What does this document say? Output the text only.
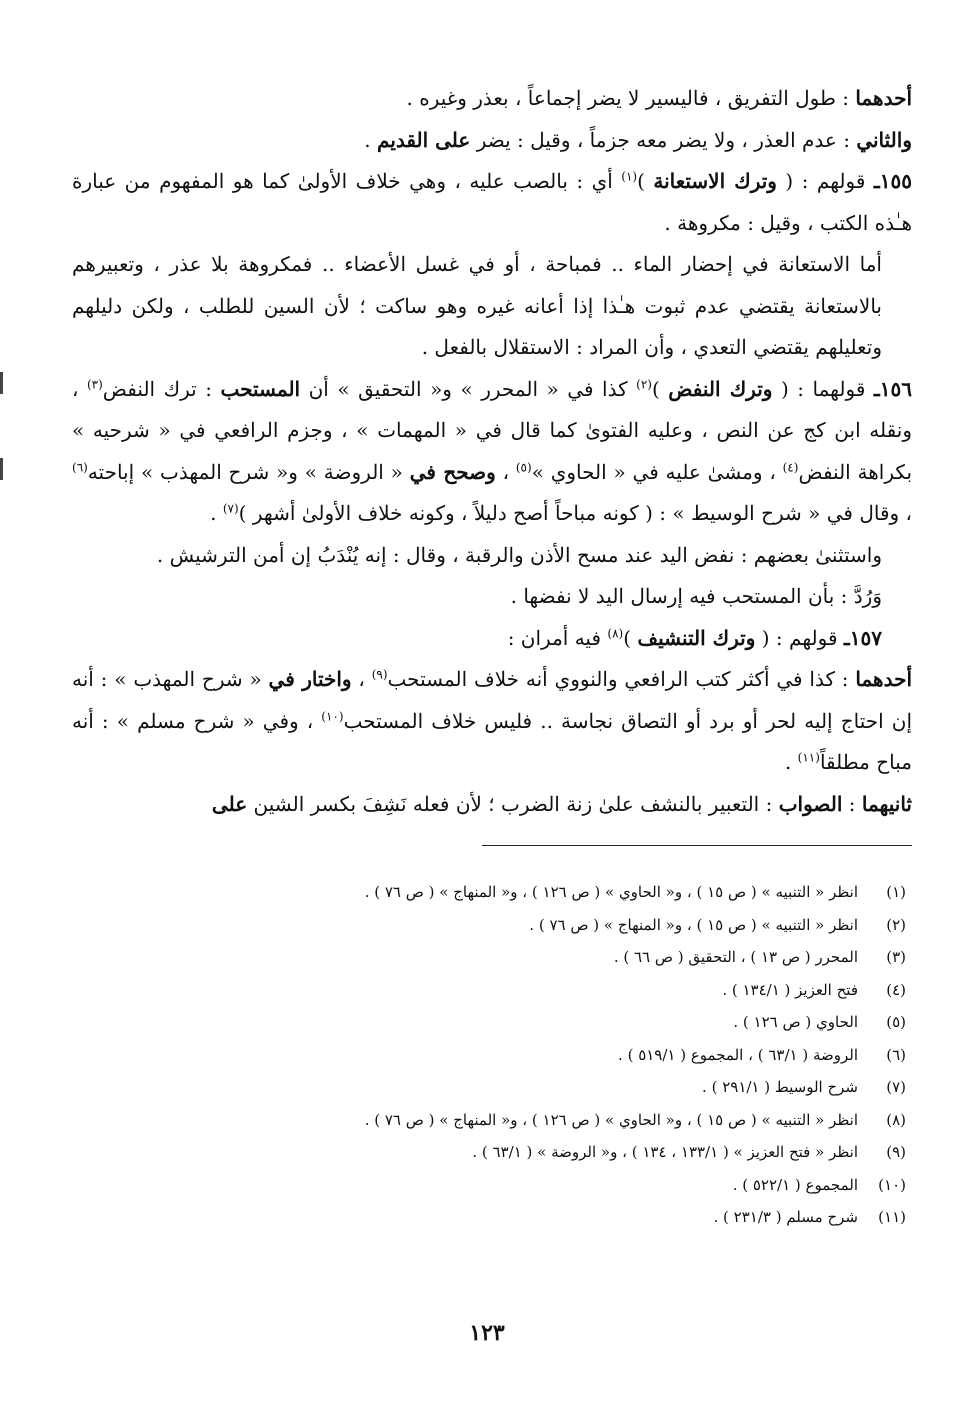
أحدهما : طول التفريق ، فاليسير لا يضر إجماعاً ، بعذر وغيره .

والثاني : عدم العذر ، ولا يضر معه جزماً ، وقيل : يضر على القديم .

١٥٥ـ قولهم : ( وترك الاستعانة )$^{(١)}$ أي : بالصب عليه ، وهي خلاف الأولىٰ كما هو المفهوم من عبارة هـٰذه الكتب ، وقيل : مكروهة .

أما الاستعانة في إحضار الماء .. فمباحة ، أو في غسل الأعضاء .. فمكروهة بلا عذر ، وتعبيرهم بالاستعانة يقتضي عدم ثبوت هـٰذا إذا أعانه غيره وهو ساكت ؛ لأن السين للطلب ، ولكن دليلهم وتعليلهم يقتضي التعدي ، وأن المراد : الاستقلال بالفعل .

١٥٦ـ قولهما : ( وترك النفض )$^{(٢)}$ كذا في « المحرر » و« التحقيق » أن المستحب : ترك النفض$^{(٣)}$ ، ونقله ابن كج عن النص ، وعليه الفتوىٰ كما قال في « المهمات » ، وجزم الرافعي في « شرحيه » بكراهة النفض$^{(٤)}$ ، ومشىٰ عليه في « الحاوي »$^{(٥)}$ ، وصحح في « الروضة » و« شرح المهذب » إباحته$^{(٦)}$ ، وقال في « شرح الوسيط » : ( كونه مباحاً أصح دليلاً ، وكونه خلاف الأولىٰ أشهر )$^{(٧)}$ .

واستثنىٰ بعضهم : نفض اليد عند مسح الأذن والرقبة ، وقال : إنه يُنْدَبُ إن أمن الترشيش .

وَرُدَّ : بأن المستحب فيه إرسال اليد لا نفضها .

١٥٧ـ قولهم : ( وترك التنشيف )$^{(٨)}$ فيه أمران :

أحدهما : كذا في أكثر كتب الرافعي والنووي أنه خلاف المستحب$^{(٩)}$ ، واختار في « شرح المهذب » : أنه إن احتاج إليه لحر أو برد أو التصاق نجاسة .. فليس خلاف المستحب$^{(١٠)}$ ، وفي « شرح مسلم » : أنه مباح مطلقاً$^{(١١)}$ .

ثانيهما : الصواب : التعبير بالنشف علىٰ زنة الضرب ؛ لأن فعله نَشِفَ بكسر الشين على

(١)
انظر « التنبيه » ( ص ١٥ ) ، و« الحاوي » ( ص ١٢٦ ) ، و« المنهاج » ( ص ٧٦ ) .
(٢)
انظر « التنبيه » ( ص ١٥ ) ، و« المنهاج » ( ص ٧٦ ) .
(٣)
المحرر ( ص ١٣ ) ، التحقيق ( ص ٦٦ ) .
(٤)
فتح العزيز ( ١٣٤/١ ) .
(٥)
الحاوي ( ص ١٢٦ ) .
(٦)
الروضة ( ٦٣/١ ) ، المجموع ( ٥١٩/١ ) .
(٧)
شرح الوسيط ( ٢٩١/١ ) .
(٨)
انظر « التنبيه » ( ص ١٥ ) ، و« الحاوي » ( ص ١٢٦ ) ، و« المنهاج » ( ص ٧٦ ) .
(٩)
انظر « فتح العزيز » ( ١٣٣/١ ، ١٣٤ ) ، و« الروضة » ( ٦٣/١ ) .
(١٠)
المجموع ( ٥٢٢/١ ) .
(١١)
شرح مسلم ( ٢٣١/٣ ) .
١٢٣
